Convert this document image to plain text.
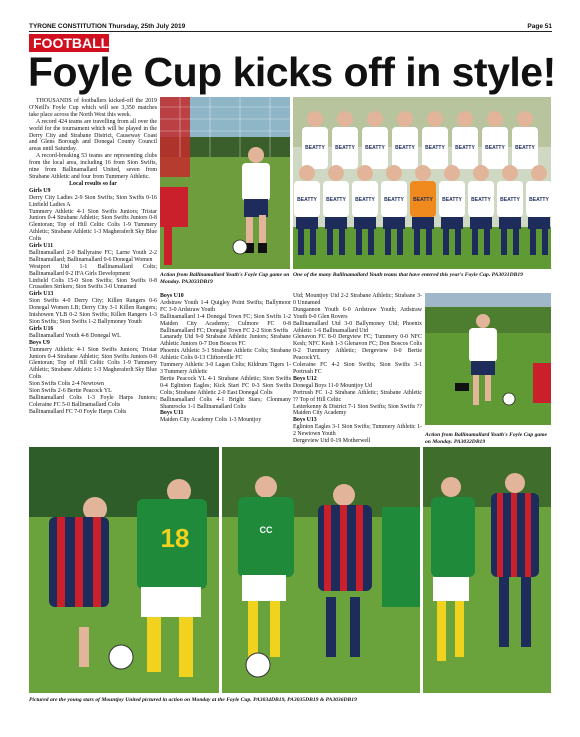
TYRONE CONSTITUTION Thursday, 25th July 2019	Page 51
FOOTBALL
Foyle Cup kicks off in style!

THOUSANDS of footballers kicked-off the 2019 O'Neill's Foyle Cup which will see 3,350 matches take place across the North West this week.

A record 424 teams are travelling from all over the world for the tournament which will be played in the Derry City and Strabane District, Causeway Coast and Glens Borough and Donegal County Council areas until Saturday.

A record-breaking 53 teams are representing clubs from the local area, including 16 from Sion Swifts, nine from Ballinamallard United, seven from Strabane Athletic and four from Tummery Athletic.

Local results so far

Girls U9

Derry City Ladies 2-9 Sion Swifts; Sion Swifts 0-16 Linfield Ladies A

Tummery Athletic 4-1 Sion Swifts Juniors; Tristar Juniors 0-4 Strabane Athletic; Sion Swifts Juniors 0-8 Glentoran; Top of Hill Celtic Colts 1-9 Tummery Athletic; Strabane Athletic 1-3 Magheraferlt Sky Blue Colts

Girls U11

Ballinamallard 2-0 Ballyraine FC; Larne Youth 2-2 Ballinamallard; Ballinamallard 0-6 Donegal Women

Westport Utd 1-1 Ballinamallard Colts; Ballinamallard 0-2 IFA Girls Development

Linfield Colts 15-0 Sion Swifts; Sion Swifts 0-8 Crusaders Strikers; Sion Swifts 3-0 Unnamed

Girls U13

Sion Swifts 4-0 Derry City; Killen Rangers 0-6 Donegal Women LB; Derry City 3-1 Killen Rangers; Inishowen YLB 0-2 Sion Swifts; Killen Rangers 1-3 Sion Swifts; Sion Swifts 1-2 Ballymoney Youth

Girls U16

Ballinamallard Youth 4-8 Donegal WL

Boys U9

Tummery Athletic 4-1 Sion Swifts Juniors; Tristar Juniors 0-4 Strabane Athletic; Sion Swifts Juniors 0-8 Glentoran; Top of Hill Celtic Colts 1-9 Tummery Athletic; Strabane Athletic 1-3 Magheraferlt Sky Blue Colts

Sion Swifts Colts 2-4 Newtown

Sion Swifts 2-6 Bertie Peacock YL

Ballinamallard Colts 1-3 Foyle Harps Juniors; Coleraine FC 5-0 Ballinamallard Colts

Ballinamallard FC 7-0 Foyle Harps Colts

Action from Ballinamallard Youth's Foyle Cup game on Monday. PA3033DB19
BEATTY BEATTY BEATTY BEATTY BEATTY BEATTY BEATTY BEATTY
BEATTY BEATTY BEATTY BEATTY BEATTY BEATTY BEATTY BEATTY BEATTY
One of the many Ballinamallard Youth teams that have entered this year's Foyle Cup. PA3031DB19

Boys U10

Ardstraw Youth 1-4 Quigley Point Swifts; Ballymoor FC 3-0 Ardstraw Youth

Ballinamallard 1-4 Donegal Town FC; Sion Swifts 1-2 Maiden City Academy; Culmore FC 0-8 Ballinamallard FC; Donegal Town FC 2-2 Sion Swifts

Lanarady Utd 9-0 Strabane Athletic Juniors; Strabane Athletic Juniors 0-7 Don Boscos FC

Phoenix Athletic 3-1 Strabane Athletic Colts; Strabane Athletic Colts 0-13 Cliftonville FC

Tummery Athletic 3-0 Lagan Colts; Kildrum Tigers 1-3 Tummery Athletic

Bertie Peacock YL 4-1 Strabane Athletic; Sion Swifts 0-4 Eglinton Eagles; Kick Start FC 0-3 Sion Swifts Colts; Strabane Athletic 2-0 East Donegal Colts

Ballinamallard Colts 4-1 Bright Stars; Clonmany Shamrocks 1-1 Ballinamallard Colts

Boys U11

Maiden City Academy Colts 1-3 Mountjoy

Utd; Mountjoy Utd 2-2 Strabane Athletic; Strabane 3-0 Unnamed

Dungannon Youth 6-0 Ardstraw Youth; Ardstraw Youth 0-0 Glen Rovers

Ballinamallard Utd 3-0 Ballymoney Utd; Phoenix Athletic 1-6 Ballinamallard Utd

Glenavon FC 8-0 Dergview FC; Tummery 0-0 NFC Kesh; NFC Kesh 1-3 Glenavon FC; Don Boscos Colts 0-2 Tummery Athletic; Dergeview 0-0 Bertie PeacockYL

Coleraine FC 4-2 Sion Swifts; Sion Swifts 3-1 Portrush FC

Boys U12

Donegal Boys 11-0 Mountjoy Ud

Portrush FC 1-2 Strabane Athletic; Strabane Athletic ?? Top of Hill Celtic

Letterkenny & District 7-1 Sion Swifts; Sion Swifts ?? Maiden City Academy

Boys U13

Eglinton Eagles 3-1 Sion Swifts; Tummery Athletic 1-2 Newtown Youth

Dergeview Utd 0-19 Motherwell

Action from Ballinamallard Youth's Foyle Cup game on Monday. PA3032DB19
18	CC
Pictured are the young stars of Mountjoy United pictured in action on Monday at the Foyle Cup. PA3034DB19, PA3035DB19 & PA3036DB19
